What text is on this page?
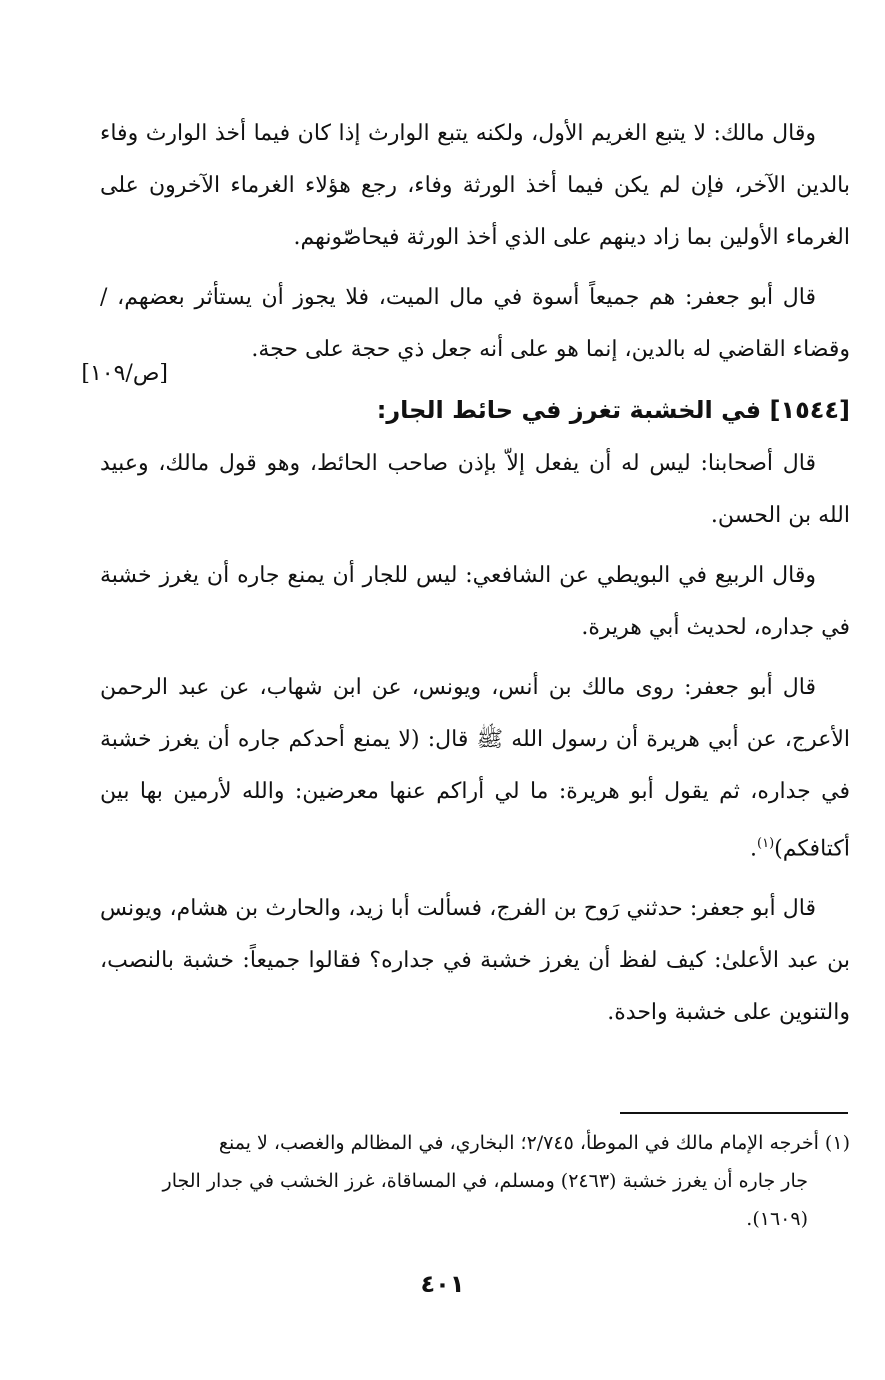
وقال مالك: لا يتبع الغريم الأول، ولكنه يتبع الوارث إذا كان فيما أخذ الوارث وفاء بالدين الآخر، فإن لم يكن فيما أخذ الورثة وفاء، رجع هؤلاء الغرماء الآخرون على الغرماء الأولين بما زاد دينهم على الذي أخذ الورثة فيحاصّونهم.

قال أبو جعفر: هم جميعاً أسوة في مال الميت، فلا يجوز أن يستأثر بعضهم، / وقضاء القاضي له بالدين، إنما هو على أنه جعل ذي حجة على حجة.

[١٥٤٤] في الخشبة تغرز في حائط الجار:

قال أصحابنا: ليس له أن يفعل إلاّ بإذن صاحب الحائط، وهو قول مالك، وعبيد الله بن الحسن.

وقال الربيع في البويطي عن الشافعي: ليس للجار أن يمنع جاره أن يغرز خشبة في جداره، لحديث أبي هريرة.

قال أبو جعفر: روى مالك بن أنس، ويونس، عن ابن شهاب، عن عبد الرحمن الأعرج، عن أبي هريرة أن رسول الله ﷺ قال: (لا يمنع أحدكم جاره أن يغرز خشبة في جداره، ثم يقول أبو هريرة: ما لي أراكم عنها معرضين: والله لأرمين بها بين أكتافكم)$^{(١)}$.

قال أبو جعفر: حدثني رَوح بن الفرج، فسألت أبا زيد، والحارث بن هشام، ويونس بن عبد الأعلىٰ: كيف لفظ أن يغرز خشبة في جداره؟ فقالوا جميعاً: خشبة بالنصب، والتنوين على خشبة واحدة.

[ص/١٠٩]

(١) أخرجه الإمام مالك في الموطأ، ٢/٧٤٥؛ البخاري، في المظالم والغصب، لا يمنع

جار جاره أن يغرز خشبة (٢٤٦٣) ومسلم، في المساقاة، غرز الخشب في جدار الجار

(١٦٠٩).

٤٠١
